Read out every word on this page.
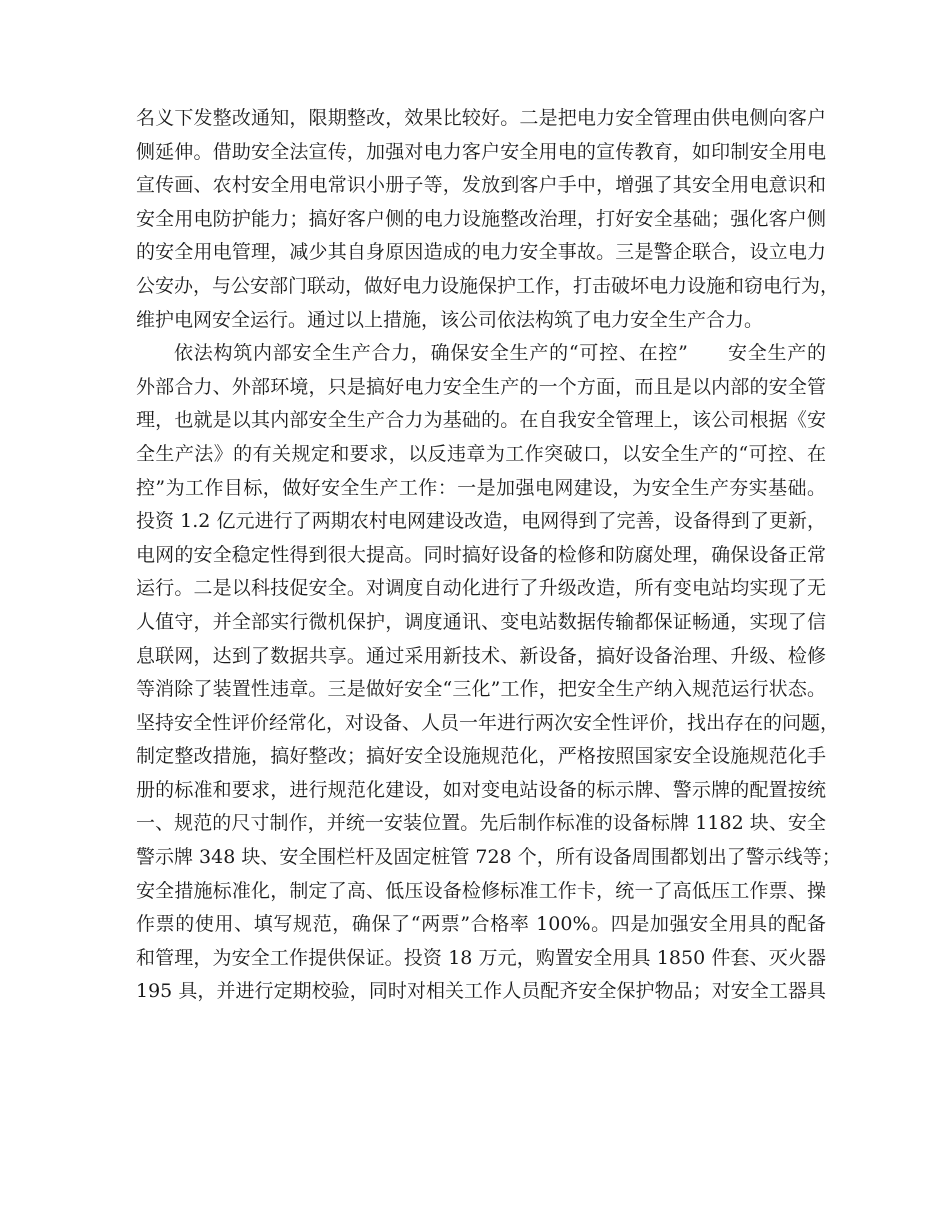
名义下发整改通知，限期整改，效果比较好。二是把电力安全管理由供电侧向客户
侧延伸。借助安全法宣传，加强对电力客户安全用电的宣传教育，如印制安全用电
宣传画、农村安全用电常识小册子等，发放到客户手中，增强了其安全用电意识和
安全用电防护能力；搞好客户侧的电力设施整改治理，打好安全基础；强化客户侧
的安全用电管理，减少其自身原因造成的电力安全事故。三是警企联合，设立电力
公安办，与公安部门联动，做好电力设施保护工作，打击破坏电力设施和窃电行为，
维护电网安全运行。通过以上措施，该公司依法构筑了电力安全生产合力。
依法构筑内部安全生产合力，确保安全生产的“可控、在控”　　安全生产的
外部合力、外部环境，只是搞好电力安全生产的一个方面，而且是以内部的安全管
理，也就是以其内部安全生产合力为基础的。在自我安全管理上，该公司根据《安
全生产法》的有关规定和要求，以反违章为工作突破口，以安全生产的“可控、在
控”为工作目标，做好安全生产工作：一是加强电网建设，为安全生产夯实基础。
投资 1.2 亿元进行了两期农村电网建设改造，电网得到了完善，设备得到了更新，
电网的安全稳定性得到很大提高。同时搞好设备的检修和防腐处理，确保设备正常
运行。二是以科技促安全。对调度自动化进行了升级改造，所有变电站均实现了无
人值守，并全部实行微机保护，调度通讯、变电站数据传输都保证畅通，实现了信
息联网，达到了数据共享。通过采用新技术、新设备，搞好设备治理、升级、检修
等消除了装置性违章。三是做好安全“三化”工作，把安全生产纳入规范运行状态。
坚持安全性评价经常化，对设备、人员一年进行两次安全性评价，找出存在的问题，
制定整改措施，搞好整改；搞好安全设施规范化，严格按照国家安全设施规范化手
册的标准和要求，进行规范化建设，如对变电站设备的标示牌、警示牌的配置按统
一、规范的尺寸制作，并统一安装位置。先后制作标准的设备标牌 1182 块、安全
警示牌 348 块、安全围栏杆及固定桩管 728 个，所有设备周围都划出了警示线等；
安全措施标准化，制定了高、低压设备检修标准工作卡，统一了高低压工作票、操
作票的使用、填写规范，确保了“两票”合格率 100%。四是加强安全用具的配备
和管理，为安全工作提供保证。投资 18 万元，购置安全用具 1850 件套、灭火器
195 具，并进行定期校验，同时对相关工作人员配齐安全保护物品；对安全工器具
